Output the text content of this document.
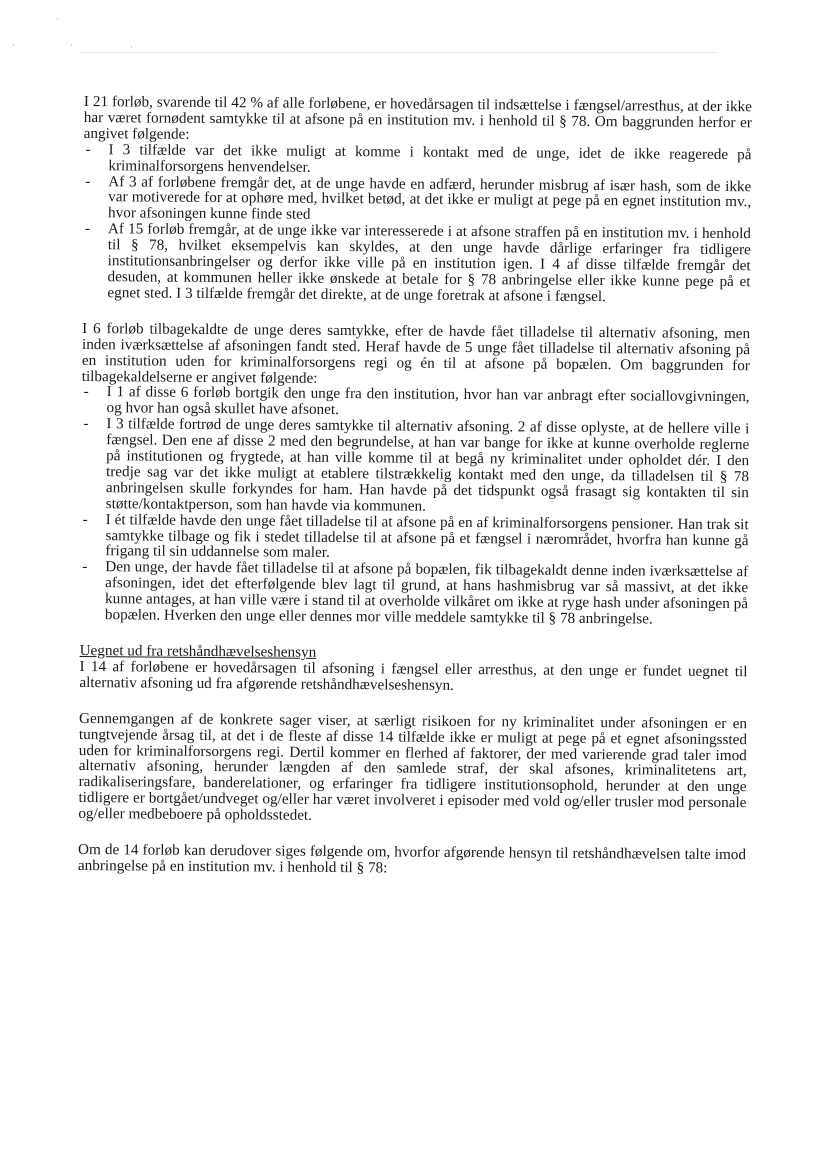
·
·	·	·

I 21 forløb, svarende til 42 % af alle forløbene, er hovedårsagen til indsættelse i fængsel/arresthus, at der ikke har været fornødent samtykke til at afsone på en institution mv. i henhold til § 78. Om baggrunden herfor er angivet følgende:

- I 3 tilfælde var det ikke muligt at komme i kontakt med de unge, idet de ikke reagerede på kriminalforsorgens henvendelser.
- Af 3 af forløbene fremgår det, at de unge havde en adfærd, herunder misbrug af især hash, som de ikke var motiverede for at ophøre med, hvilket betød, at det ikke er muligt at pege på en egnet institution mv., hvor afsoningen kunne finde sted
- Af 15 forløb fremgår, at de unge ikke var interesserede i at afsone straffen på en institution mv. i henhold til § 78, hvilket eksempelvis kan skyldes, at den unge havde dårlige erfaringer fra tidligere institutionsanbringelser og derfor ikke ville på en institution igen. I 4 af disse tilfælde fremgår det desuden, at kommunen heller ikke ønskede at betale for § 78 anbringelse eller ikke kunne pege på et egnet sted. I 3 tilfælde fremgår det direkte, at de unge foretrak at afsone i fængsel.

I 6 forløb tilbagekaldte de unge deres samtykke, efter de havde fået tilladelse til alternativ afsoning, men inden iværksættelse af afsoningen fandt sted. Heraf havde de 5 unge fået tilladelse til alternativ afsoning på en institution uden for kriminalforsorgens regi og én til at afsone på bopælen. Om baggrunden for tilbagekaldelserne er angivet følgende:

- I 1 af disse 6 forløb bortgik den unge fra den institution, hvor han var anbragt efter sociallovgivningen, og hvor han også skullet have afsonet.
- I 3 tilfælde fortrød de unge deres samtykke til alternativ afsoning. 2 af disse oplyste, at de hellere ville i fængsel. Den ene af disse 2 med den begrundelse, at han var bange for ikke at kunne overholde reglerne på institutionen og frygtede, at han ville komme til at begå ny kriminalitet under opholdet dér. I den tredje sag var det ikke muligt at etablere tilstrækkelig kontakt med den unge, da tilladelsen til § 78 anbringelsen skulle forkyndes for ham. Han havde på det tidspunkt også frasagt sig kontakten til sin støtte/kontaktperson, som han havde via kommunen.
- I ét tilfælde havde den unge fået tilladelse til at afsone på en af kriminalforsorgens pensioner. Han trak sit samtykke tilbage og fik i stedet tilladelse til at afsone på et fængsel i nærområdet, hvorfra han kunne gå frigang til sin uddannelse som maler.
- Den unge, der havde fået tilladelse til at afsone på bopælen, fik tilbagekaldt denne inden iværksættelse af afsoningen, idet det efterfølgende blev lagt til grund, at hans hashmisbrug var så massivt, at det ikke kunne antages, at han ville være i stand til at overholde vilkåret om ikke at ryge hash under afsoningen på bopælen. Hverken den unge eller dennes mor ville meddele samtykke til § 78 anbringelse.

Uegnet ud fra retshåndhævelseshensyn

I 14 af forløbene er hovedårsagen til afsoning i fængsel eller arresthus, at den unge er fundet uegnet til alternativ afsoning ud fra afgørende retshåndhævelseshensyn.

Gennemgangen af de konkrete sager viser, at særligt risikoen for ny kriminalitet under afsoningen er en tungtvejende årsag til, at det i de fleste af disse 14 tilfælde ikke er muligt at pege på et egnet afsoningssted uden for kriminalforsorgens regi. Dertil kommer en flerhed af faktorer, der med varierende grad taler imod alternativ afsoning, herunder længden af den samlede straf, der skal afsones, kriminalitetens art, radikaliseringsfare, banderelationer, og erfaringer fra tidligere institutionsophold, herunder at den unge tidligere er bortgået/undveget og/eller har været involveret i episoder med vold og/eller trusler mod personale og/eller medbeboere på opholdsstedet.

Om de 14 forløb kan derudover siges følgende om, hvorfor afgørende hensyn til retshåndhævelsen talte imod anbringelse på en institution mv. i henhold til § 78:
